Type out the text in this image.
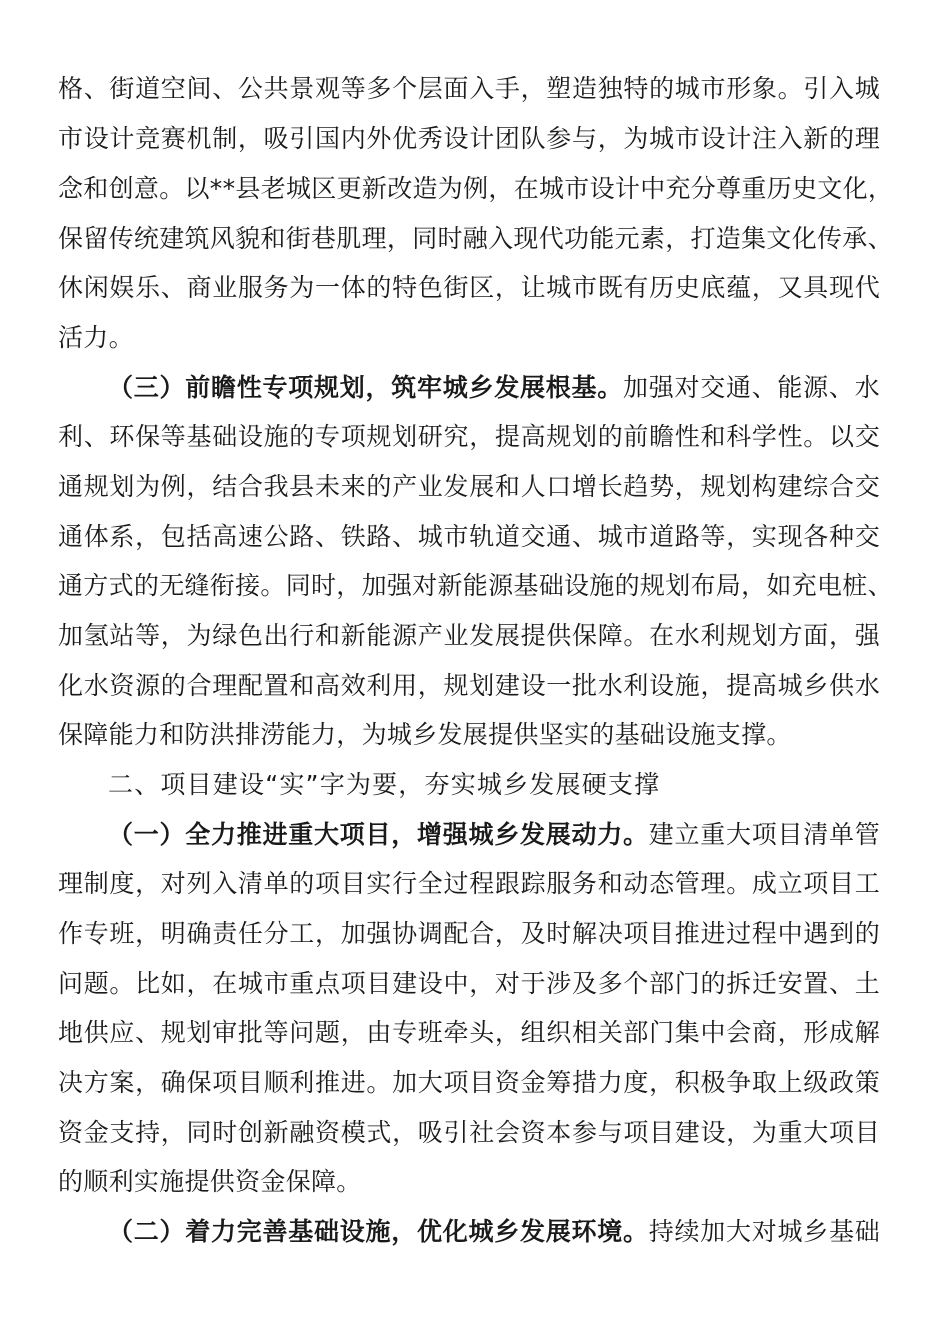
格、街道空间、公共景观等多个层面入手，塑造独特的城市形象。引入城
市设计竞赛机制，吸引国内外优秀设计团队参与，为城市设计注入新的理
念和创意。以**县老城区更新改造为例，在城市设计中充分尊重历史文化，
保留传统建筑风貌和街巷肌理，同时融入现代功能元素，打造集文化传承、
休闲娱乐、商业服务为一体的特色街区，让城市既有历史底蕴，又具现代
活力。
（三）前瞻性专项规划，筑牢城乡发展根基。加强对交通、能源、水
利、环保等基础设施的专项规划研究，提高规划的前瞻性和科学性。以交
通规划为例，结合我县未来的产业发展和人口增长趋势，规划构建综合交
通体系，包括高速公路、铁路、城市轨道交通、城市道路等，实现各种交
通方式的无缝衔接。同时，加强对新能源基础设施的规划布局，如充电桩、
加氢站等，为绿色出行和新能源产业发展提供保障。在水利规划方面，强
化水资源的合理配置和高效利用，规划建设一批水利设施，提高城乡供水
保障能力和防洪排涝能力，为城乡发展提供坚实的基础设施支撑。
二、项目建设“实”字为要，夯实城乡发展硬支撑
（一）全力推进重大项目，增强城乡发展动力。建立重大项目清单管
理制度，对列入清单的项目实行全过程跟踪服务和动态管理。成立项目工
作专班，明确责任分工，加强协调配合，及时解决项目推进过程中遇到的
问题。比如，在城市重点项目建设中，对于涉及多个部门的拆迁安置、土
地供应、规划审批等问题，由专班牵头，组织相关部门集中会商，形成解
决方案，确保项目顺利推进。加大项目资金筹措力度，积极争取上级政策
资金支持，同时创新融资模式，吸引社会资本参与项目建设，为重大项目
的顺利实施提供资金保障。
（二）着力完善基础设施，优化城乡发展环境。持续加大对城乡基础
